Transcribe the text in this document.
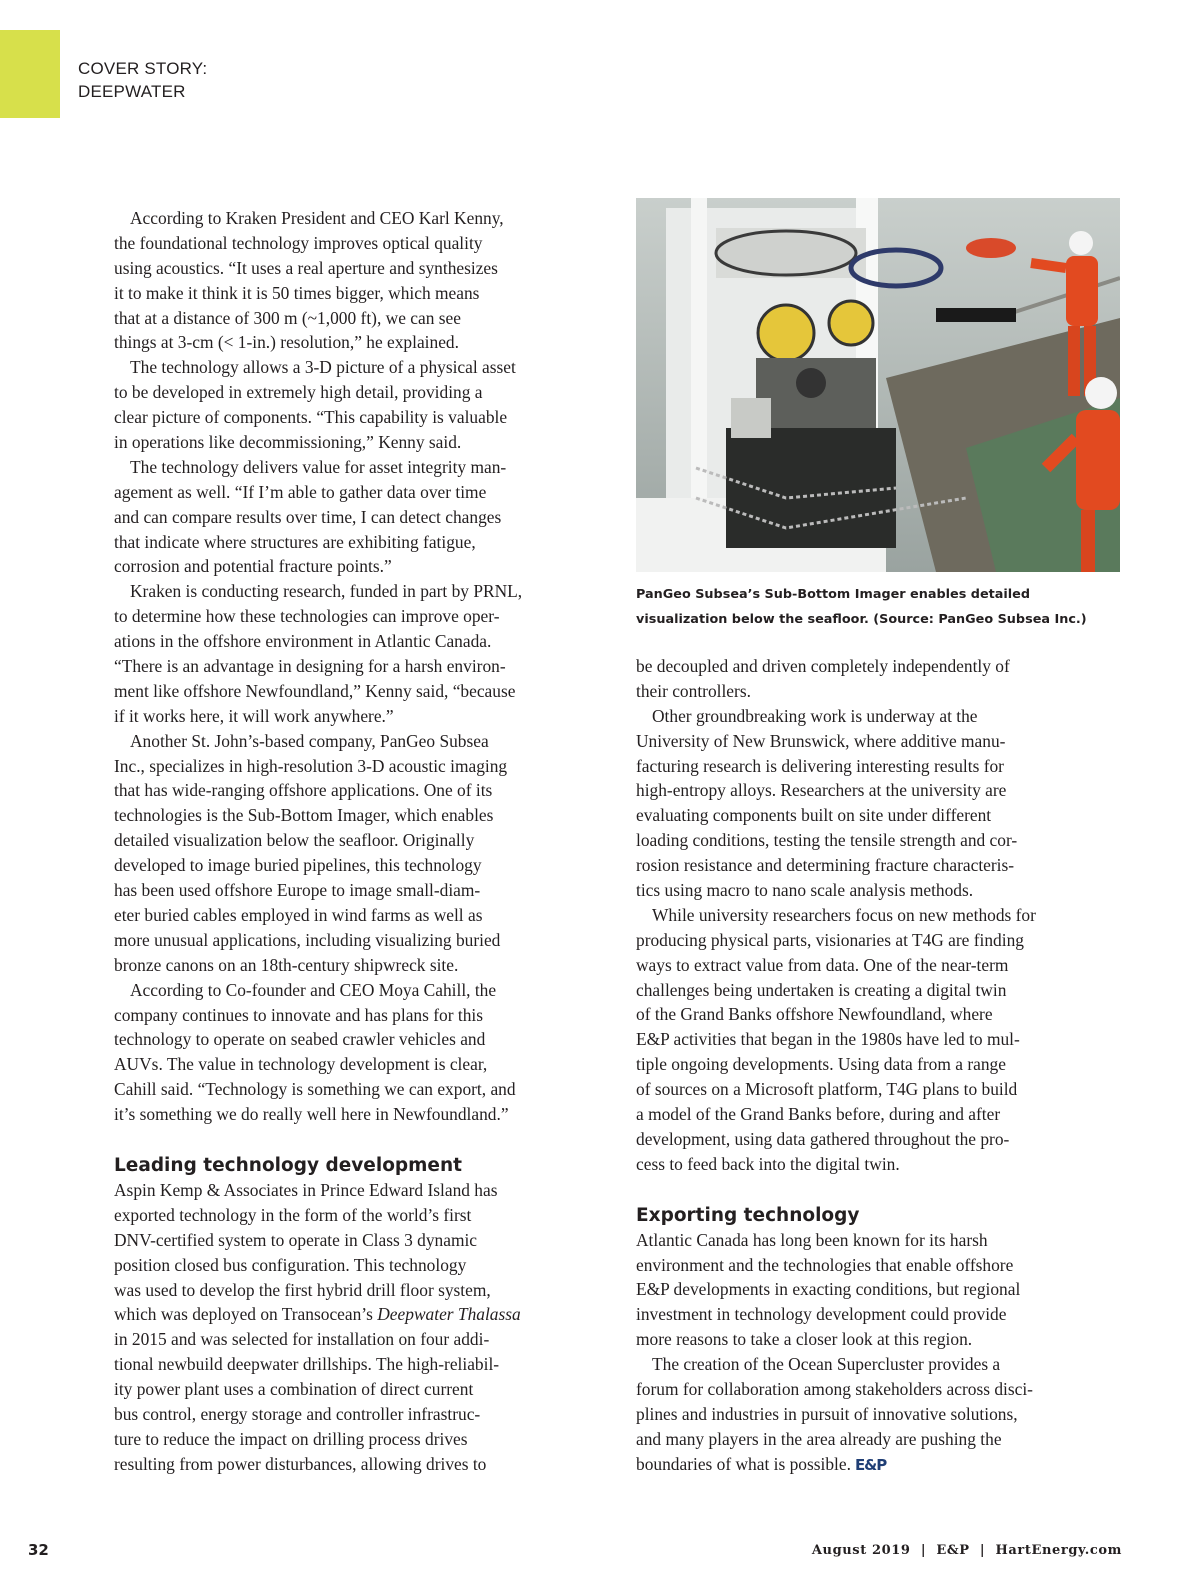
COVER STORY:
DEEPWATER
According to Kraken President and CEO Karl Kenny,
the foundational technology improves optical quality
using acoustics. “It uses a real aperture and synthesizes
it to make it think it is 50 times bigger, which means
that at a distance of 300 m (~1,000 ft), we can see
things at 3-cm (< 1-in.) resolution,” he explained.
The technology allows a 3-D picture of a physical asset
to be developed in extremely high detail, providing a
clear picture of components. “This capability is valuable
in operations like decommissioning,” Kenny said.
The technology delivers value for asset integrity man-
agement as well. “If I’m able to gather data over time
and can compare results over time, I can detect changes
that indicate where structures are exhibiting fatigue,
corrosion and potential fracture points.”
Kraken is conducting research, funded in part by PRNL,
to determine how these technologies can improve oper-
ations in the offshore environment in Atlantic Canada.
“There is an advantage in designing for a harsh environ-
ment like offshore Newfoundland,” Kenny said, “because
if it works here, it will work anywhere.”
Another St. John’s-based company, PanGeo Subsea
Inc., specializes in high-resolution 3-D acoustic imaging
that has wide-ranging offshore applications. One of its
technologies is the Sub-Bottom Imager, which enables
detailed visualization below the seafloor. Originally
developed to image buried pipelines, this technology
has been used offshore Europe to image small-diam-
eter buried cables employed in wind farms as well as
more unusual applications, including visualizing buried
bronze canons on an 18th-century shipwreck site.
According to Co-founder and CEO Moya Cahill, the
company continues to innovate and has plans for this
technology to operate on seabed crawler vehicles and
AUVs. The value in technology development is clear,
Cahill said. “Technology is something we can export, and
it’s something we do really well here in Newfoundland.”
Leading technology development
Aspin Kemp & Associates in Prince Edward Island has
exported technology in the form of the world’s first
DNV-certified system to operate in Class 3 dynamic
position closed bus configuration. This technology
was used to develop the first hybrid drill floor system,
which was deployed on Transocean’s Deepwater Thalassa
in 2015 and was selected for installation on four addi-
tional newbuild deepwater drillships. The high-reliabil-
ity power plant uses a combination of direct current
bus control, energy storage and controller infrastruc-
ture to reduce the impact on drilling process drives
resulting from power disturbances, allowing drives to
PanGeo Subsea’s Sub-Bottom Imager enables detailed
visualization below the seafloor. (Source: PanGeo Subsea Inc.)
be decoupled and driven completely independently of
their controllers.
Other groundbreaking work is underway at the
University of New Brunswick, where additive manu-
facturing research is delivering interesting results for
high-entropy alloys. Researchers at the university are
evaluating components built on site under different
loading conditions, testing the tensile strength and cor-
rosion resistance and determining fracture characteris-
tics using macro to nano scale analysis methods.
While university researchers focus on new methods for
producing physical parts, visionaries at T4G are finding
ways to extract value from data. One of the near-term
challenges being undertaken is creating a digital twin
of the Grand Banks offshore Newfoundland, where
E&P activities that began in the 1980s have led to mul-
tiple ongoing developments. Using data from a range
of sources on a Microsoft platform, T4G plans to build
a model of the Grand Banks before, during and after
development, using data gathered throughout the pro-
cess to feed back into the digital twin.
Exporting technology
Atlantic Canada has long been known for its harsh
environment and the technologies that enable offshore
E&P developments in exacting conditions, but regional
investment in technology development could provide
more reasons to take a closer look at this region.
The creation of the Ocean Supercluster provides a
forum for collaboration among stakeholders across disci-
plines and industries in pursuit of innovative solutions,
and many players in the area already are pushing the
boundaries of what is possible. E&P
32	August 2019 | E&P | HartEnergy.com
